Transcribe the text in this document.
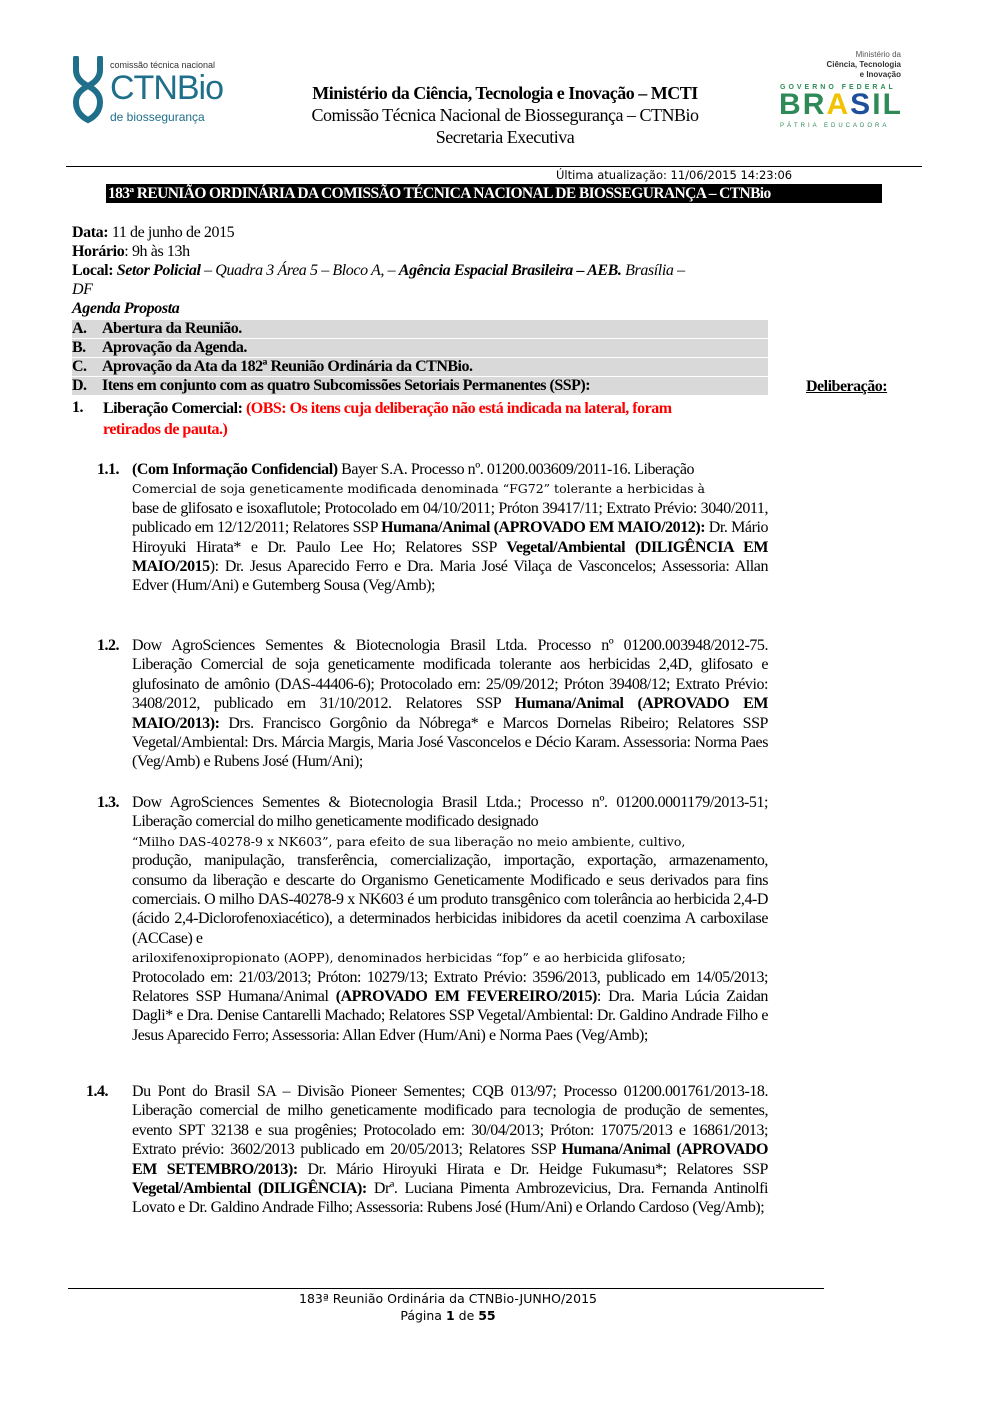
comissão técnica nacional
CTNBio
de biossegurança
Ministério da Ciência, Tecnologia e Inovação – MCTI
Comissão Técnica Nacional de Biossegurança – CTNBio
Secretaria Executiva
Ministério da
Ciência, Tecnologia
e Inovação
GOVERNO FEDERAL
B R A S I L
PÁTRIA EDUCADORA
Última atualização: 11/06/2015 14:23:06
183ª REUNIÃO ORDINÁRIA DA COMISSÃO TÉCNICA NACIONAL DE BIOSSEGURANÇA – CTNBio
Data: 11 de junho de 2015
Horário: 9h às 13h
Local: Setor Policial – Quadra 3 Área 5 – Bloco A, – Agência Espacial Brasileira – AEB. Brasília –
DF
Agenda Proposta
A. Abertura da Reunião.
B. Aprovação da Agenda.
C. Aprovação da Ata da 182ª Reunião Ordinária da CTNBio.
D. Itens em conjunto com as quatro Subcomissões Setoriais Permanentes (SSP):	Deliberação:
1. Liberação Comercial: (OBS: Os itens cuja deliberação não está indicada na lateral, foram
retirados de pauta.)
1.1. (Com Informação Confidencial) Bayer S.A. Processo nº. 01200.003609/2011-16. Liberação
Comercial de soja geneticamente modificada denominada “FG72” tolerante a herbicidas à
base de glifosato e isoxaflutole; Protocolado em 04/10/2011; Próton 39417/11; Extrato Prévio: 3040/2011, publicado em 12/12/2011; Relatores SSP Humana/Animal (APROVADO EM MAIO/2012): Dr. Mário Hiroyuki Hirata* e Dr. Paulo Lee Ho; Relatores SSP Vegetal/Ambiental (DILIGÊNCIA EM MAIO/2015): Dr. Jesus Aparecido Ferro e Dra. Maria José Vilaça de Vasconcelos; Assessoria: Allan Edver (Hum/Ani) e Gutemberg Sousa (Veg/Amb);
1.2. Dow AgroSciences Sementes & Biotecnologia Brasil Ltda. Processo nº 01200.003948/2012-75. Liberação Comercial de soja geneticamente modificada tolerante aos herbicidas 2,4D, glifosato e glufosinato de amônio (DAS-44406-6); Protocolado em: 25/09/2012; Próton 39408/12; Extrato Prévio: 3408/2012, publicado em 31/10/2012. Relatores SSP Humana/Animal (APROVADO EM MAIO/2013): Drs. Francisco Gorgônio da Nóbrega* e Marcos Dornelas Ribeiro; Relatores SSP Vegetal/Ambiental: Drs. Márcia Margis, Maria José Vasconcelos e Décio Karam. Assessoria: Norma Paes (Veg/Amb) e Rubens José (Hum/Ani);
1.3. Dow AgroSciences Sementes & Biotecnologia Brasil Ltda.; Processo nº. 01200.0001179/2013-51; Liberação comercial do milho geneticamente modificado designado
“Milho DAS-40278-9 x NK603”, para efeito de sua liberação no meio ambiente, cultivo,
produção, manipulação, transferência, comercialização, importação, exportação, armazenamento, consumo da liberação e descarte do Organismo Geneticamente Modificado e seus derivados para fins comerciais. O milho DAS-40278-9 x NK603 é um produto transgênico com tolerância ao herbicida 2,4-D (ácido 2,4-Diclorofenoxiacético), a determinados herbicidas inibidores da acetil coenzima A carboxilase (ACCase) e
ariloxifenoxipropionato (AOPP), denominados herbicidas “fop” e ao herbicida glifosato;
Protocolado em: 21/03/2013; Próton: 10279/13; Extrato Prévio: 3596/2013, publicado em 14/05/2013; Relatores SSP Humana/Animal (APROVADO EM FEVEREIRO/2015): Dra. Maria Lúcia Zaidan Dagli* e Dra. Denise Cantarelli Machado; Relatores SSP Vegetal/Ambiental: Dr. Galdino Andrade Filho e Jesus Aparecido Ferro; Assessoria: Allan Edver (Hum/Ani) e Norma Paes (Veg/Amb);
1.4. Du Pont do Brasil SA – Divisão Pioneer Sementes; CQB 013/97; Processo 01200.001761/2013-18. Liberação comercial de milho geneticamente modificado para tecnologia de produção de sementes, evento SPT 32138 e sua progênies; Protocolado em: 30/04/2013; Próton: 17075/2013 e 16861/2013; Extrato prévio: 3602/2013 publicado em 20/05/2013; Relatores SSP Humana/Animal (APROVADO EM SETEMBRO/2013): Dr. Mário Hiroyuki Hirata e Dr. Heidge Fukumasu*; Relatores SSP Vegetal/Ambiental (DILIGÊNCIA): Drª. Luciana Pimenta Ambrozevicius, Dra. Fernanda Antinolfi Lovato e Dr. Galdino Andrade Filho; Assessoria: Rubens José (Hum/Ani) e Orlando Cardoso (Veg/Amb);
183ª Reunião Ordinária da CTNBio-JUNHO/2015
Página 1 de 55
